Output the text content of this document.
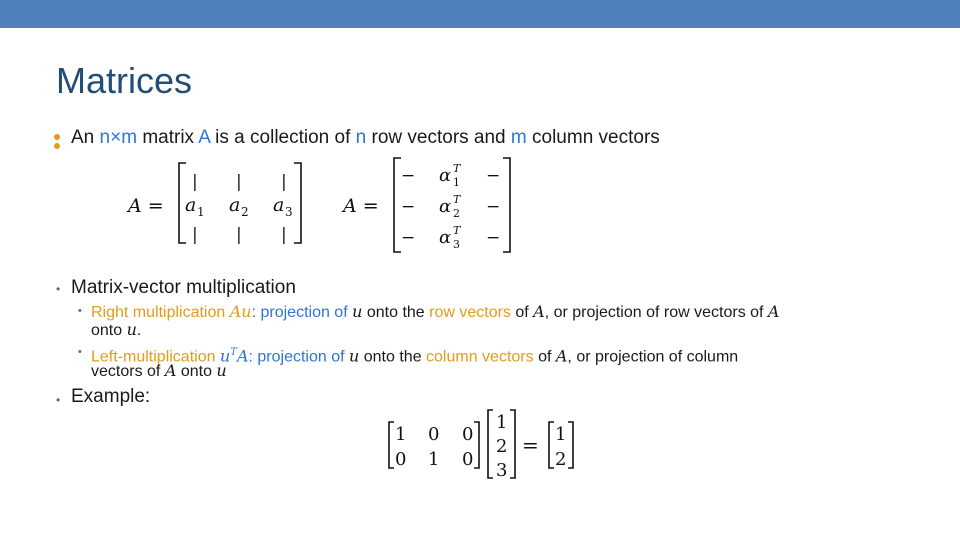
Matrices
An n×m matrix A is a collection of n row vectors and m column vectors
A =
| | |
a 1 a 2 a 3
| | |
A =
− α T
1 −
− α T
2 −
− α T
3 −
1 0 0
0 1 0
1
2
3
= 1
2
• Matrix-vector multiplication
• Right multiplication Au: projection of u onto the row vectors of A, or projection of row vectors of A
onto u.
• Left-multiplication $u^TA$: projection of u onto the column vectors of A, or projection of column
vectors of A onto u
• Example:
